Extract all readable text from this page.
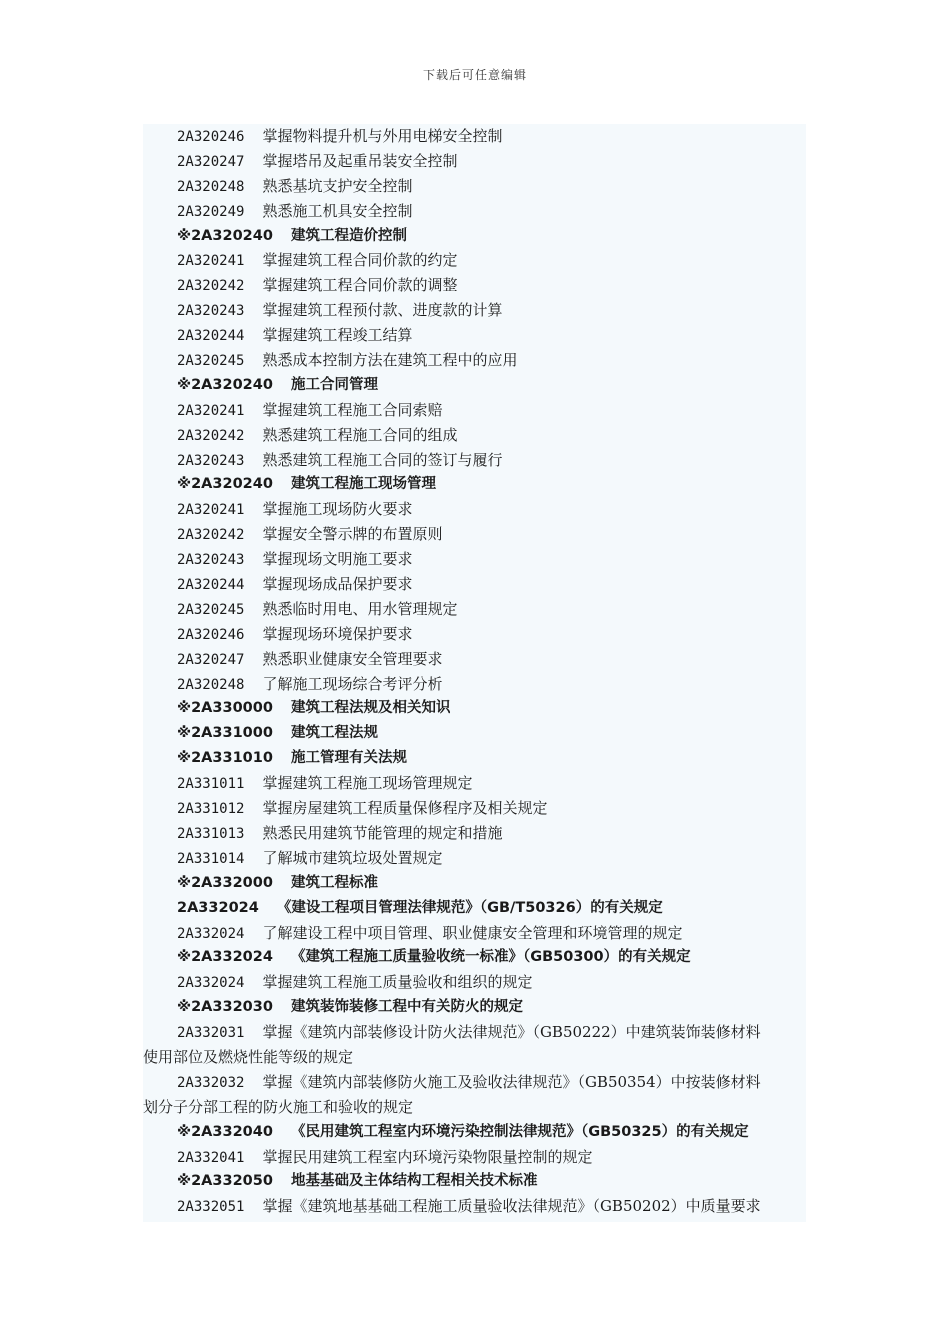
下载后可任意编辑
2A320246 掌握物料提升机与外用电梯安全控制
2A320247 掌握塔吊及起重吊装安全控制
2A320248 熟悉基坑支护安全控制
2A320249 熟悉施工机具安全控制
※2A320240 建筑工程造价控制
2A320241 掌握建筑工程合同价款的约定
2A320242 掌握建筑工程合同价款的调整
2A320243 掌握建筑工程预付款、进度款的计算
2A320244 掌握建筑工程竣工结算
2A320245 熟悉成本控制方法在建筑工程中的应用
※2A320240 施工合同管理
2A320241 掌握建筑工程施工合同索赔
2A320242 熟悉建筑工程施工合同的组成
2A320243 熟悉建筑工程施工合同的签订与履行
※2A320240 建筑工程施工现场管理
2A320241 掌握施工现场防火要求
2A320242 掌握安全警示牌的布置原则
2A320243 掌握现场文明施工要求
2A320244 掌握现场成品保护要求
2A320245 熟悉临时用电、用水管理规定
2A320246 掌握现场环境保护要求
2A320247 熟悉职业健康安全管理要求
2A320248 了解施工现场综合考评分析
※2A330000 建筑工程法规及相关知识
※2A331000 建筑工程法规
※2A331010 施工管理有关法规
2A331011 掌握建筑工程施工现场管理规定
2A331012 掌握房屋建筑工程质量保修程序及相关规定
2A331013 熟悉民用建筑节能管理的规定和措施
2A331014 了解城市建筑垃圾处置规定
※2A332000 建筑工程标准
2A332024 《建设工程项目管理法律规范》（GB/T50326）的有关规定
2A332024 了解建设工程中项目管理、职业健康安全管理和环境管理的规定
※2A332024 《建筑工程施工质量验收统一标准》（GB50300）的有关规定
2A332024 掌握建筑工程施工质量验收和组织的规定
※2A332030 建筑装饰装修工程中有关防火的规定
2A332031 掌握《建筑内部装修设计防火法律规范》（GB50222）中建筑装饰装修材料
使用部位及燃烧性能等级的规定
2A332032 掌握《建筑内部装修防火施工及验收法律规范》（GB50354）中按装修材料
划分子分部工程的防火施工和验收的规定
※2A332040 《民用建筑工程室内环境污染控制法律规范》（GB50325）的有关规定
2A332041 掌握民用建筑工程室内环境污染物限量控制的规定
※2A332050 地基基础及主体结构工程相关技术标准
2A332051 掌握《建筑地基基础工程施工质量验收法律规范》（GB50202）中质量要求
